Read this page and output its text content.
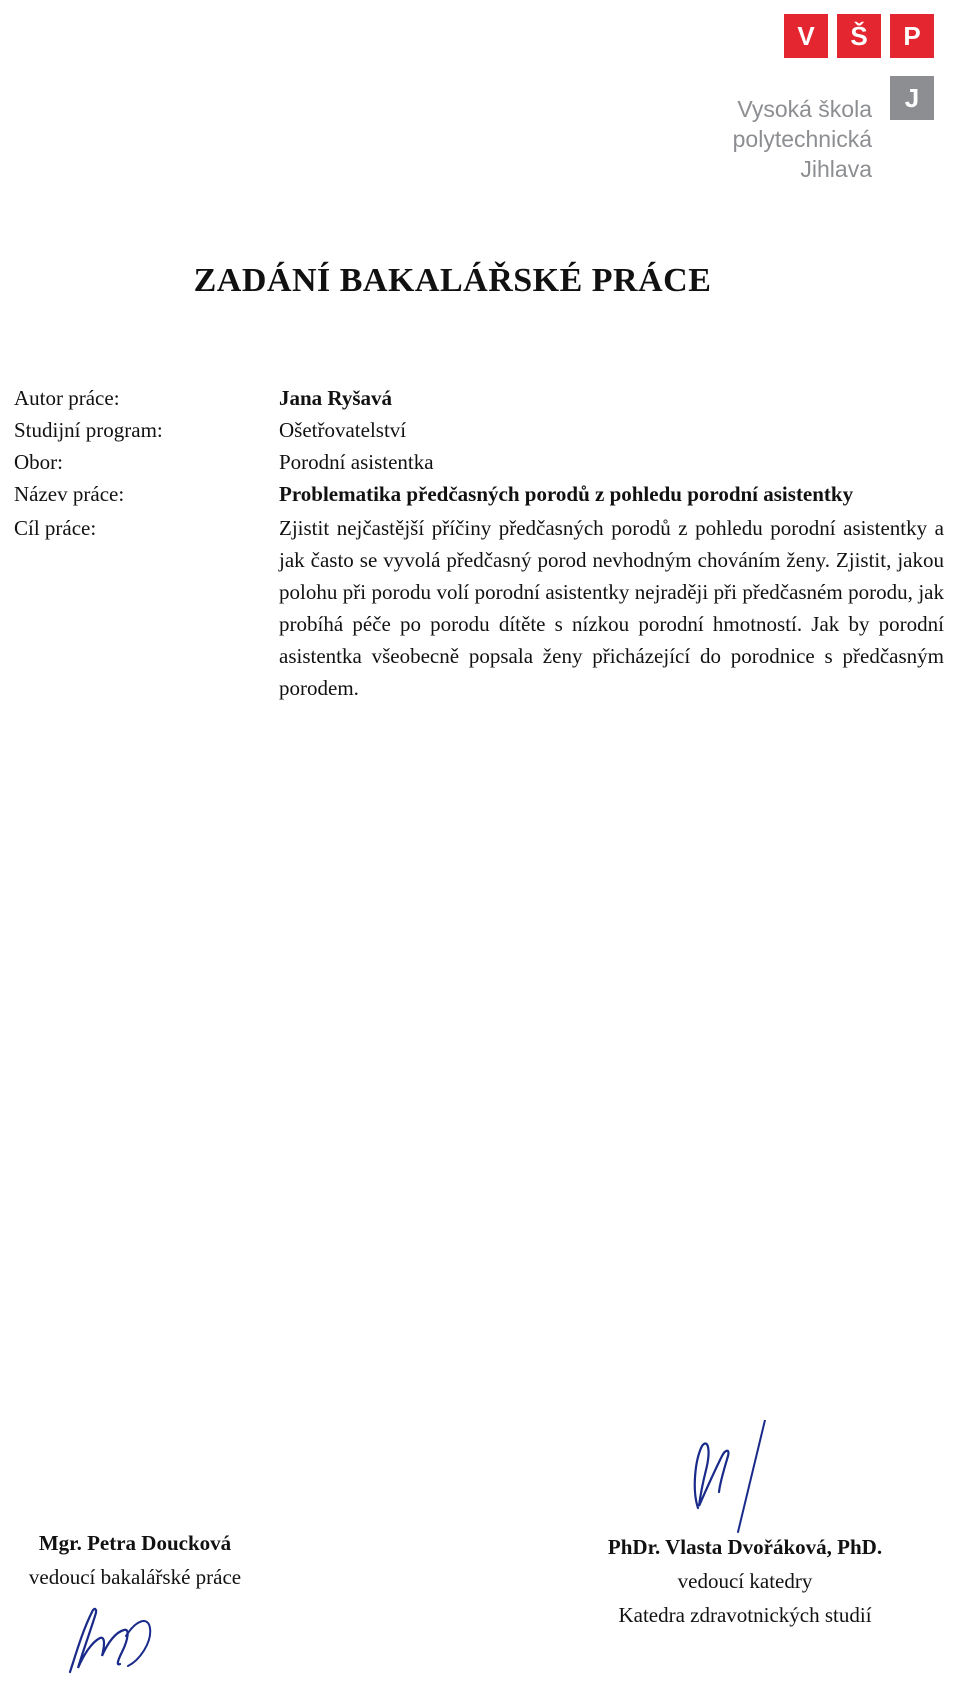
V	Š	P
J
Vysoká škola
polytechnická
Jihlava
ZADÁNÍ BAKALÁŘSKÉ PRÁCE
Autor práce:	Jana Ryšavá
Studijní program:	Ošetřovatelství
Obor:	Porodní asistentka
Název práce:	Problematika předčasných porodů z pohledu porodní asistentky
Cíl práce:	Zjistit nejčastější příčiny předčasných porodů z pohledu porodní asistentky a jak často se vyvolá předčasný porod nevhodným chováním ženy. Zjistit, jakou polohu při porodu volí porodní asistentky nejraději při předčasném porodu, jak probíhá péče po porodu dítěte s nízkou porodní hmotností. Jak by porodní asistentka všeobecně popsala ženy přicházející do porodnice s předčasným porodem.
Mgr. Petra Doucková
vedoucí bakalářské práce
PhDr. Vlasta Dvořáková, PhD.
vedoucí katedry
Katedra zdravotnických studií
